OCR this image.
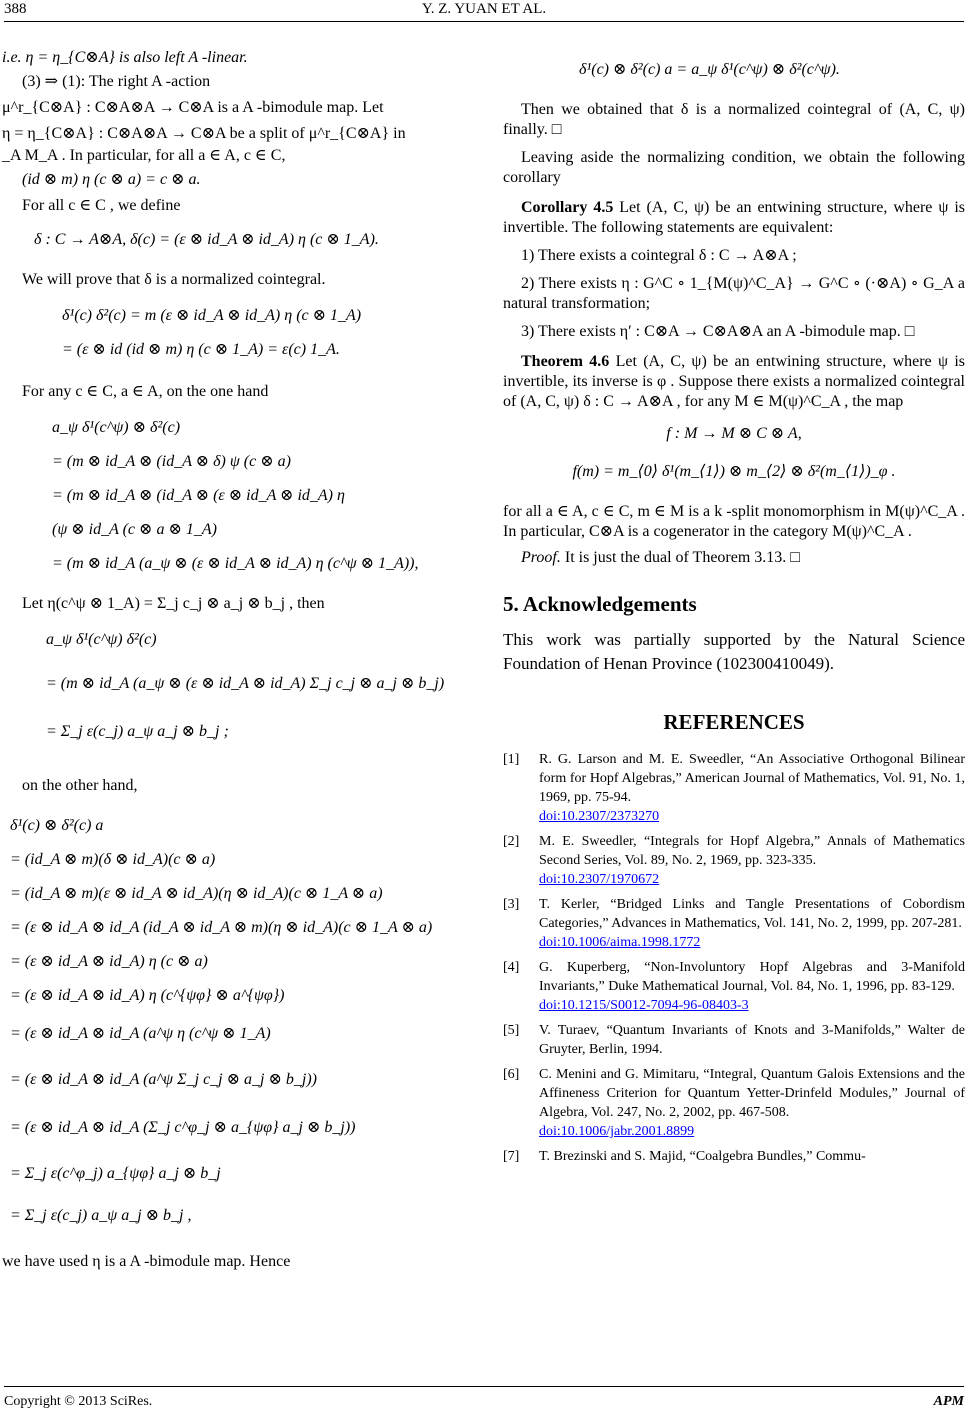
388	Y. Z. YUAN ET AL.

i.e. η = η_{C⊗A} is also left A -linear.

(3) ⇒ (1): The right A -action

μ^r_{C⊗A} : C⊗A⊗A → C⊗A is a A -bimodule map. Let

η = η_{C⊗A} : C⊗A⊗A → C⊗A be a split of μ^r_{C⊗A} in

_A M_A . In particular, for all a ∈ A, c ∈ C,

(id ⊗ m) η (c ⊗ a) = c ⊗ a.

For all c ∈ C , we define

δ : C → A⊗A, δ(c) = (ε ⊗ id_A ⊗ id_A) η (c ⊗ 1_A).

We will prove that δ is a normalized cointegral.

δ¹(c) δ²(c) = m (ε ⊗ id_A ⊗ id_A) η (c ⊗ 1_A)

= (ε ⊗ id (id ⊗ m) η (c ⊗ 1_A) = ε(c) 1_A.

For any c ∈ C, a ∈ A, on the one hand

a_ψ δ¹(c^ψ) ⊗ δ²(c)

= (m ⊗ id_A ⊗ (id_A ⊗ δ) ψ (c ⊗ a)

= (m ⊗ id_A ⊗ (id_A ⊗ (ε ⊗ id_A ⊗ id_A) η

(ψ ⊗ id_A (c ⊗ a ⊗ 1_A)

= (m ⊗ id_A (a_ψ ⊗ (ε ⊗ id_A ⊗ id_A) η (c^ψ ⊗ 1_A)),

Let η(c^ψ ⊗ 1_A) = Σ_j c_j ⊗ a_j ⊗ b_j , then

a_ψ δ¹(c^ψ) δ²(c)

= (m ⊗ id_A (a_ψ ⊗ (ε ⊗ id_A ⊗ id_A) Σ_j c_j ⊗ a_j ⊗ b_j)

= Σ_j ε(c_j) a_ψ a_j ⊗ b_j ;

on the other hand,

δ¹(c) ⊗ δ²(c) a

= (id_A ⊗ m)(δ ⊗ id_A)(c ⊗ a)

= (id_A ⊗ m)(ε ⊗ id_A ⊗ id_A)(η ⊗ id_A)(c ⊗ 1_A ⊗ a)

= (ε ⊗ id_A ⊗ id_A (id_A ⊗ id_A ⊗ m)(η ⊗ id_A)(c ⊗ 1_A ⊗ a)

= (ε ⊗ id_A ⊗ id_A) η (c ⊗ a)

= (ε ⊗ id_A ⊗ id_A) η (c^{ψφ} ⊗ a^{ψφ})

= (ε ⊗ id_A ⊗ id_A (a^ψ η (c^ψ ⊗ 1_A)

= (ε ⊗ id_A ⊗ id_A (a^ψ Σ_j c_j ⊗ a_j ⊗ b_j))

= (ε ⊗ id_A ⊗ id_A (Σ_j c^φ_j ⊗ a_{ψφ} a_j ⊗ b_j))

= Σ_j ε(c^φ_j) a_{ψφ} a_j ⊗ b_j

= Σ_j ε(c_j) a_ψ a_j ⊗ b_j ,

we have used η is a A -bimodule map. Hence

δ¹(c) ⊗ δ²(c) a = a_ψ δ¹(c^ψ) ⊗ δ²(c^ψ).

Then we obtained that δ is a normalized cointegral of (A, C, ψ) finally. □

Leaving aside the normalizing condition, we obtain the following corollary

Corollary 4.5 Let (A, C, ψ) be an entwining structure, where ψ is invertible. The following statements are equivalent:

1) There exists a cointegral δ : C → A⊗A ;

2) There exists η : G^C ∘ 1_{M(ψ)^C_A} → G^C ∘ (·⊗A) ∘ G_A a natural transformation;

3) There exists η′ : C⊗A → C⊗A⊗A an A -bimodule map. □

Theorem 4.6 Let (A, C, ψ) be an entwining structure, where ψ is invertible, its inverse is φ . Suppose there exists a normalized cointegral of (A, C, ψ) δ : C → A⊗A , for any M ∈ M(ψ)^C_A , the map

f : M → M ⊗ C ⊗ A,

f(m) = m_⟨0⟩ δ¹(m_⟨1⟩) ⊗ m_⟨2⟩ ⊗ δ²(m_⟨1⟩)_φ .

for all a ∈ A, c ∈ C, m ∈ M is a k -split monomorphism in M(ψ)^C_A . In particular, C⊗A is a cogenerator in the category M(ψ)^C_A .

Proof. It is just the dual of Theorem 3.13. □

5. Acknowledgements

This work was partially supported by the Natural Science Foundation of Henan Province (102300410049).

REFERENCES
[1]	R. G. Larson and M. E. Sweedler, “An Associative Orthogonal Bilinear form for Hopf Algebras,” American Journal of Mathematics, Vol. 91, No. 1, 1969, pp. 75-94.
doi:10.2307/2373270
[2]	M. E. Sweedler, “Integrals for Hopf Algebra,” Annals of Mathematics Second Series, Vol. 89, No. 2, 1969, pp. 323-335.
doi:10.2307/1970672
[3]	T. Kerler, “Bridged Links and Tangle Presentations of Cobordism Categories,” Advances in Mathematics, Vol. 141, No. 2, 1999, pp. 207-281.
doi:10.1006/aima.1998.1772
[4]	G. Kuperberg, “Non-Involuntory Hopf Algebras and 3-Manifold Invariants,” Duke Mathematical Journal, Vol. 84, No. 1, 1996, pp. 83-129.
doi:10.1215/S0012-7094-96-08403-3
[5]	V. Turaev, “Quantum Invariants of Knots and 3-Manifolds,” Walter de Gruyter, Berlin, 1994.
[6]	C. Menini and G. Mimitaru, “Integral, Quantum Galois Extensions and the Affineness Criterion for Quantum Yetter-Drinfeld Modules,” Journal of Algebra, Vol. 247, No. 2, 2002, pp. 467-508.
doi:10.1006/jabr.2001.8899
[7]	T. Brezinski and S. Majid, “Coalgebra Bundles,” Commu-
Copyright © 2013 SciRes.	APM
